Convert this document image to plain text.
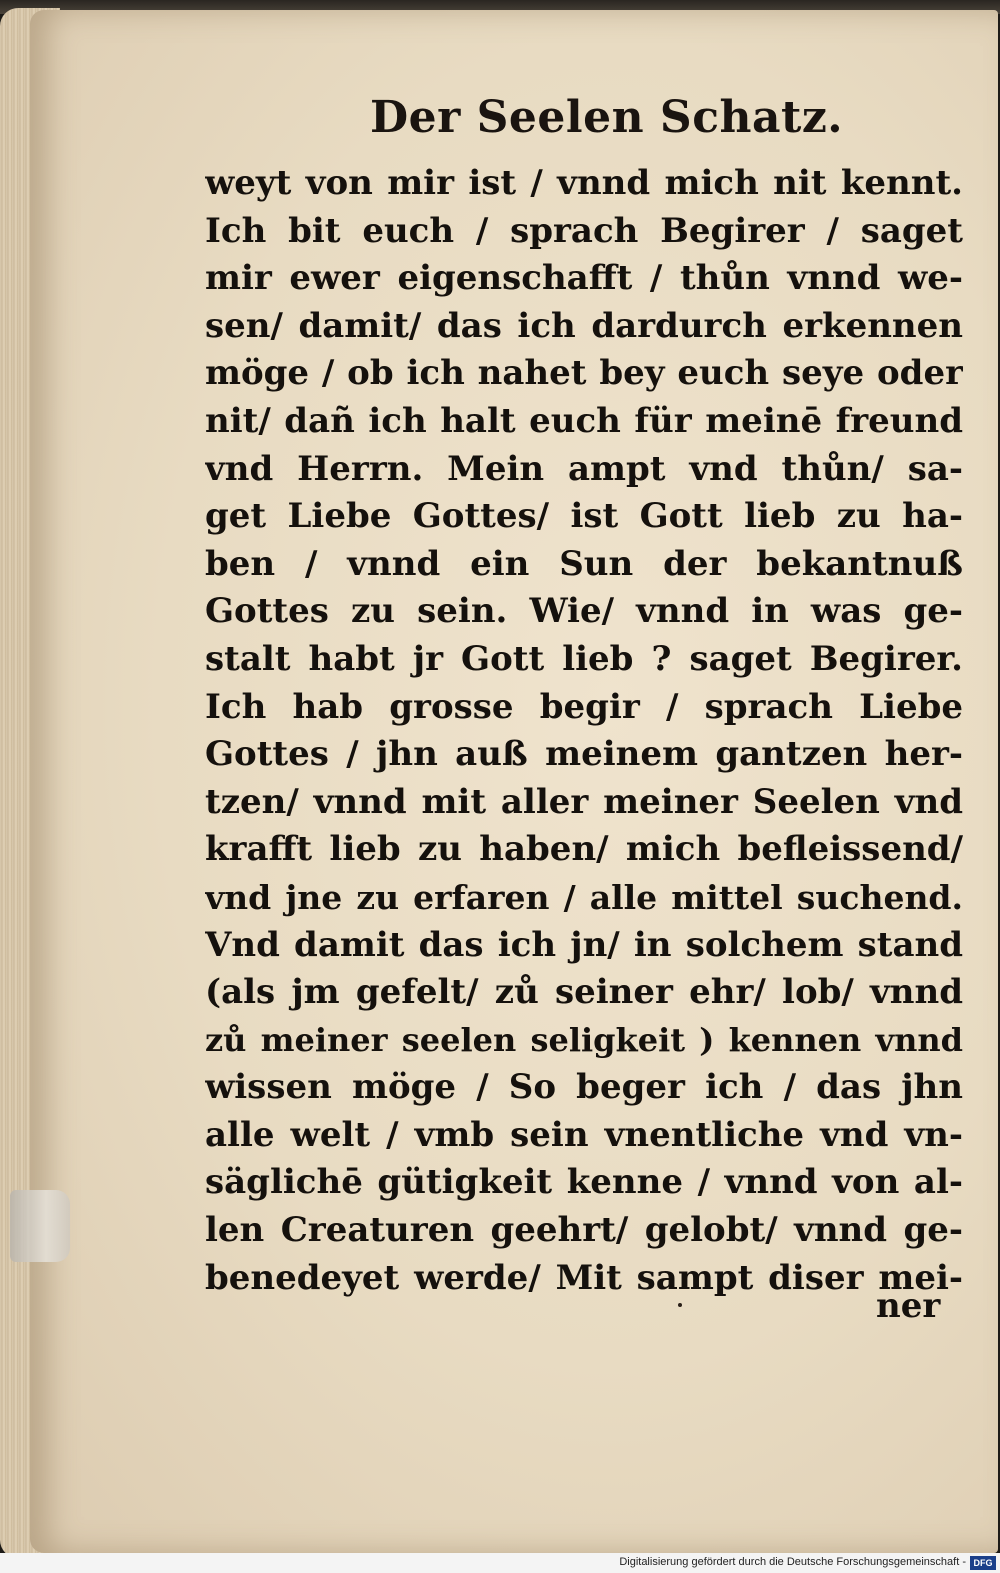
Der Seelen Schatz.
weyt von mir ist / vnnd mich nit kennt.
Ich bit euch / sprach Begirer / saget
mir ewer eigenschafft / thůn vnnd we-
sen/ damit/ das ich dardurch erkennen
möge / ob ich nahet bey euch seye oder
nit/ dañ ich halt euch für meinē freund
vnd Herrn. Mein ampt vnd thůn/ sa-
get Liebe Gottes/ ist Gott lieb zu ha-
ben / vnnd ein Sun der bekantnuß
Gottes zu sein. Wie/ vnnd in was ge-
stalt habt jr Gott lieb ? saget Begirer.
Ich hab grosse begir / sprach Liebe
Gottes / jhn auß meinem gantzen her-
tzen/ vnnd mit aller meiner Seelen vnd
krafft lieb zu haben/ mich befleissend/
vnd jne zu erfaren / alle mittel suchend.
Vnd damit das ich jn/ in solchem stand
(als jm gefelt/ zů seiner ehr/ lob/ vnnd
zů meiner seelen seligkeit ) kennen vnnd
wissen möge / So beger ich / das jhn
alle welt / vmb sein vnentliche vnd vn-
säglichē gütigkeit kenne / vnnd von al-
len Creaturen geehrt/ gelobt/ vnnd ge-
benedeyet werde/ Mit sampt diser mei-
ner
Digitalisierung gefördert durch die Deutsche Forschungsgemeinschaft - DFG
